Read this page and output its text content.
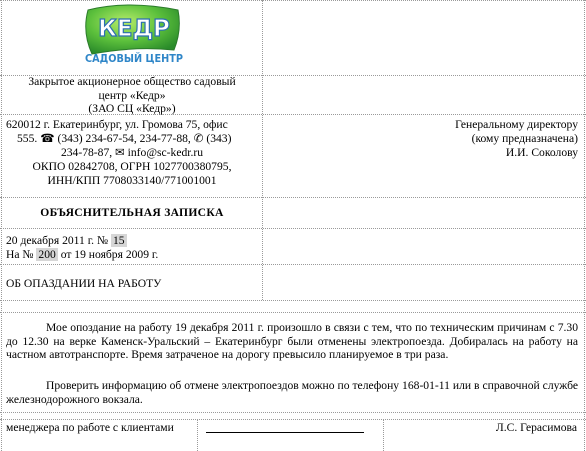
КЕДР
САДОВЫЙ ЦЕНТР
Закрытое акционерное общество садовый
центр «Кедр»
(ЗАО СЦ «Кедр»)
620012 г. Екатеринбург, ул. Громова 75, офис
555. ☎ (343) 234-67-54, 234-77-88, ✆ (343)
234-78-87, ✉ info@sc-kedr.ru
ОКПО 02842708, ОГРН 1027700380795,
ИНН/КПП 7708033140/771001001
Генеральному директору
(кому предназначена)
И.И. Соколову
ОБЪЯСНИТЕЛЬНАЯ ЗАПИСКА
20 декабря 2011 г. № 15
На № 200 от 19 ноября 2009 г.
ОБ ОПАЗДАНИИ НА РАБОТУ
Мое опоздание на работу 19 декабря 2011 г. произошло в связи с тем, что по техническим причинам с 7.30 до 12.30 на верке Каменск-Уральский – Екатеринбург были отменены электропоезда. Добиралась на работу на частном автотранспорте. Время затраченое на дорогу превысило планируемое в три раза.
Проверить информацию об отмене электропоездов можно по телефону 168-01-11 или в справочной службе железнодорожного вокзала.
менеджера по работе с клиентами	Л.С. Герасимова
